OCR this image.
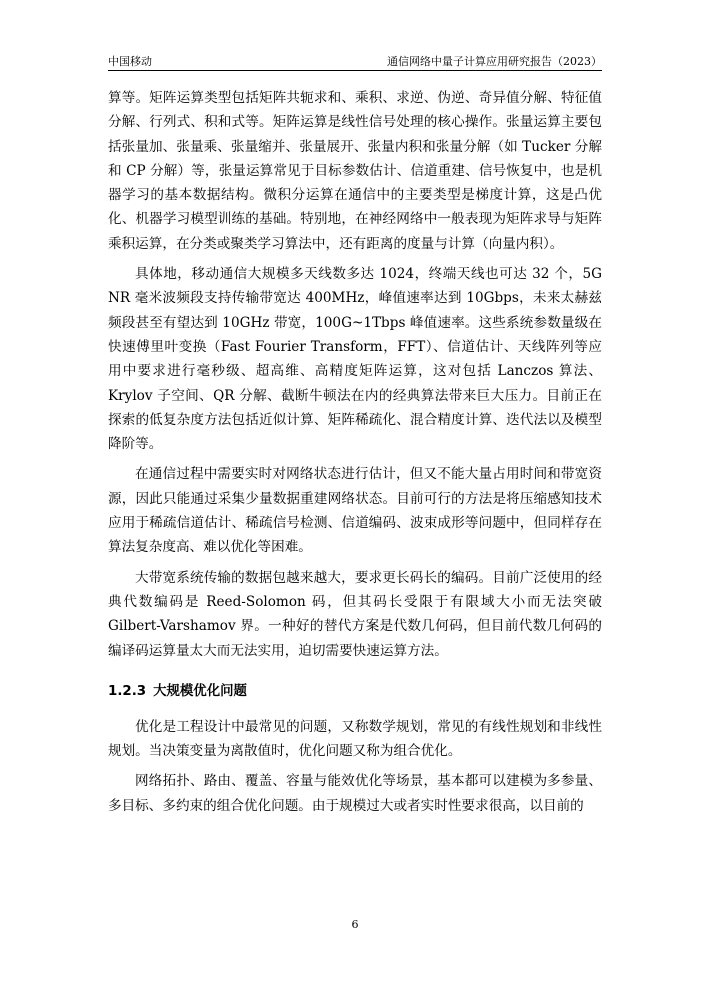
中国移动	通信网络中量子计算应用研究报告（2023）

算等。矩阵运算类型包括矩阵共轭求和、乘积、求逆、伪逆、奇异值分解、特征值分解、行列式、积和式等。矩阵运算是线性信号处理的核心操作。张量运算主要包括张量加、张量乘、张量缩并、张量展开、张量内积和张量分解（如 Tucker 分解和 CP 分解）等，张量运算常见于目标参数估计、信道重建、信号恢复中，也是机器学习的基本数据结构。微积分运算在通信中的主要类型是梯度计算，这是凸优化、机器学习模型训练的基础。特别地，在神经网络中一般表现为矩阵求导与矩阵乘积运算，在分类或聚类学习算法中，还有距离的度量与计算（向量内积）。

具体地，移动通信大规模多天线数多达 1024，终端天线也可达 32 个，5G NR 毫米波频段支持传输带宽达 400MHz，峰值速率达到 10Gbps，未来太赫兹频段甚至有望达到 10GHz 带宽，100G~1Tbps 峰值速率。这些系统参数量级在快速傅里叶变换（Fast Fourier Transform，FFT）、信道估计、天线阵列等应用中要求进行毫秒级、超高维、高精度矩阵运算，这对包括 Lanczos 算法、Krylov 子空间、QR 分解、截断牛顿法在内的经典算法带来巨大压力。目前正在探索的低复杂度方法包括近似计算、矩阵稀疏化、混合精度计算、迭代法以及模型降阶等。

在通信过程中需要实时对网络状态进行估计，但又不能大量占用时间和带宽资源，因此只能通过采集少量数据重建网络状态。目前可行的方法是将压缩感知技术应用于稀疏信道估计、稀疏信号检测、信道编码、波束成形等问题中，但同样存在算法复杂度高、难以优化等困难。

大带宽系统传输的数据包越来越大，要求更长码长的编码。目前广泛使用的经典代数编码是 Reed-Solomon 码，但其码长受限于有限域大小而无法突破 Gilbert-Varshamov 界。一种好的替代方案是代数几何码，但目前代数几何码的编译码运算量太大而无法实用，迫切需要快速运算方法。

1.2.3 大规模优化问题

优化是工程设计中最常见的问题，又称数学规划，常见的有线性规划和非线性规划。当决策变量为离散值时，优化问题又称为组合优化。

网络拓扑、路由、覆盖、容量与能效优化等场景，基本都可以建模为多参量、多目标、多约束的组合优化问题。由于规模过大或者实时性要求很高，以目前的

6
